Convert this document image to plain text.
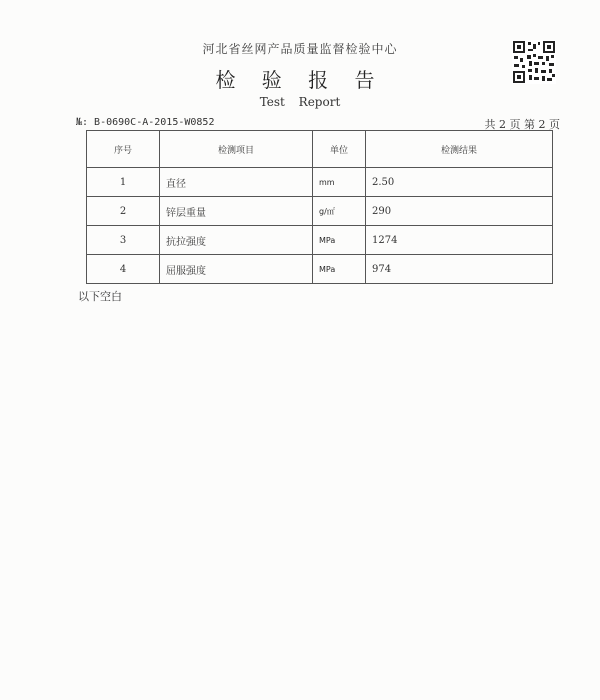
河北省丝网产品质量监督检验中心
检 验 报 告
Test Report
№: B-0690C-A-2015-W0852	共 2 页 第 2 页
序号	检测项目	单位	检测结果
1	直径	mm	2.50
2	锌层重量	g/㎡	290
3	抗拉强度	MPa	1274
4	屈服强度	MPa	974
以下空白
